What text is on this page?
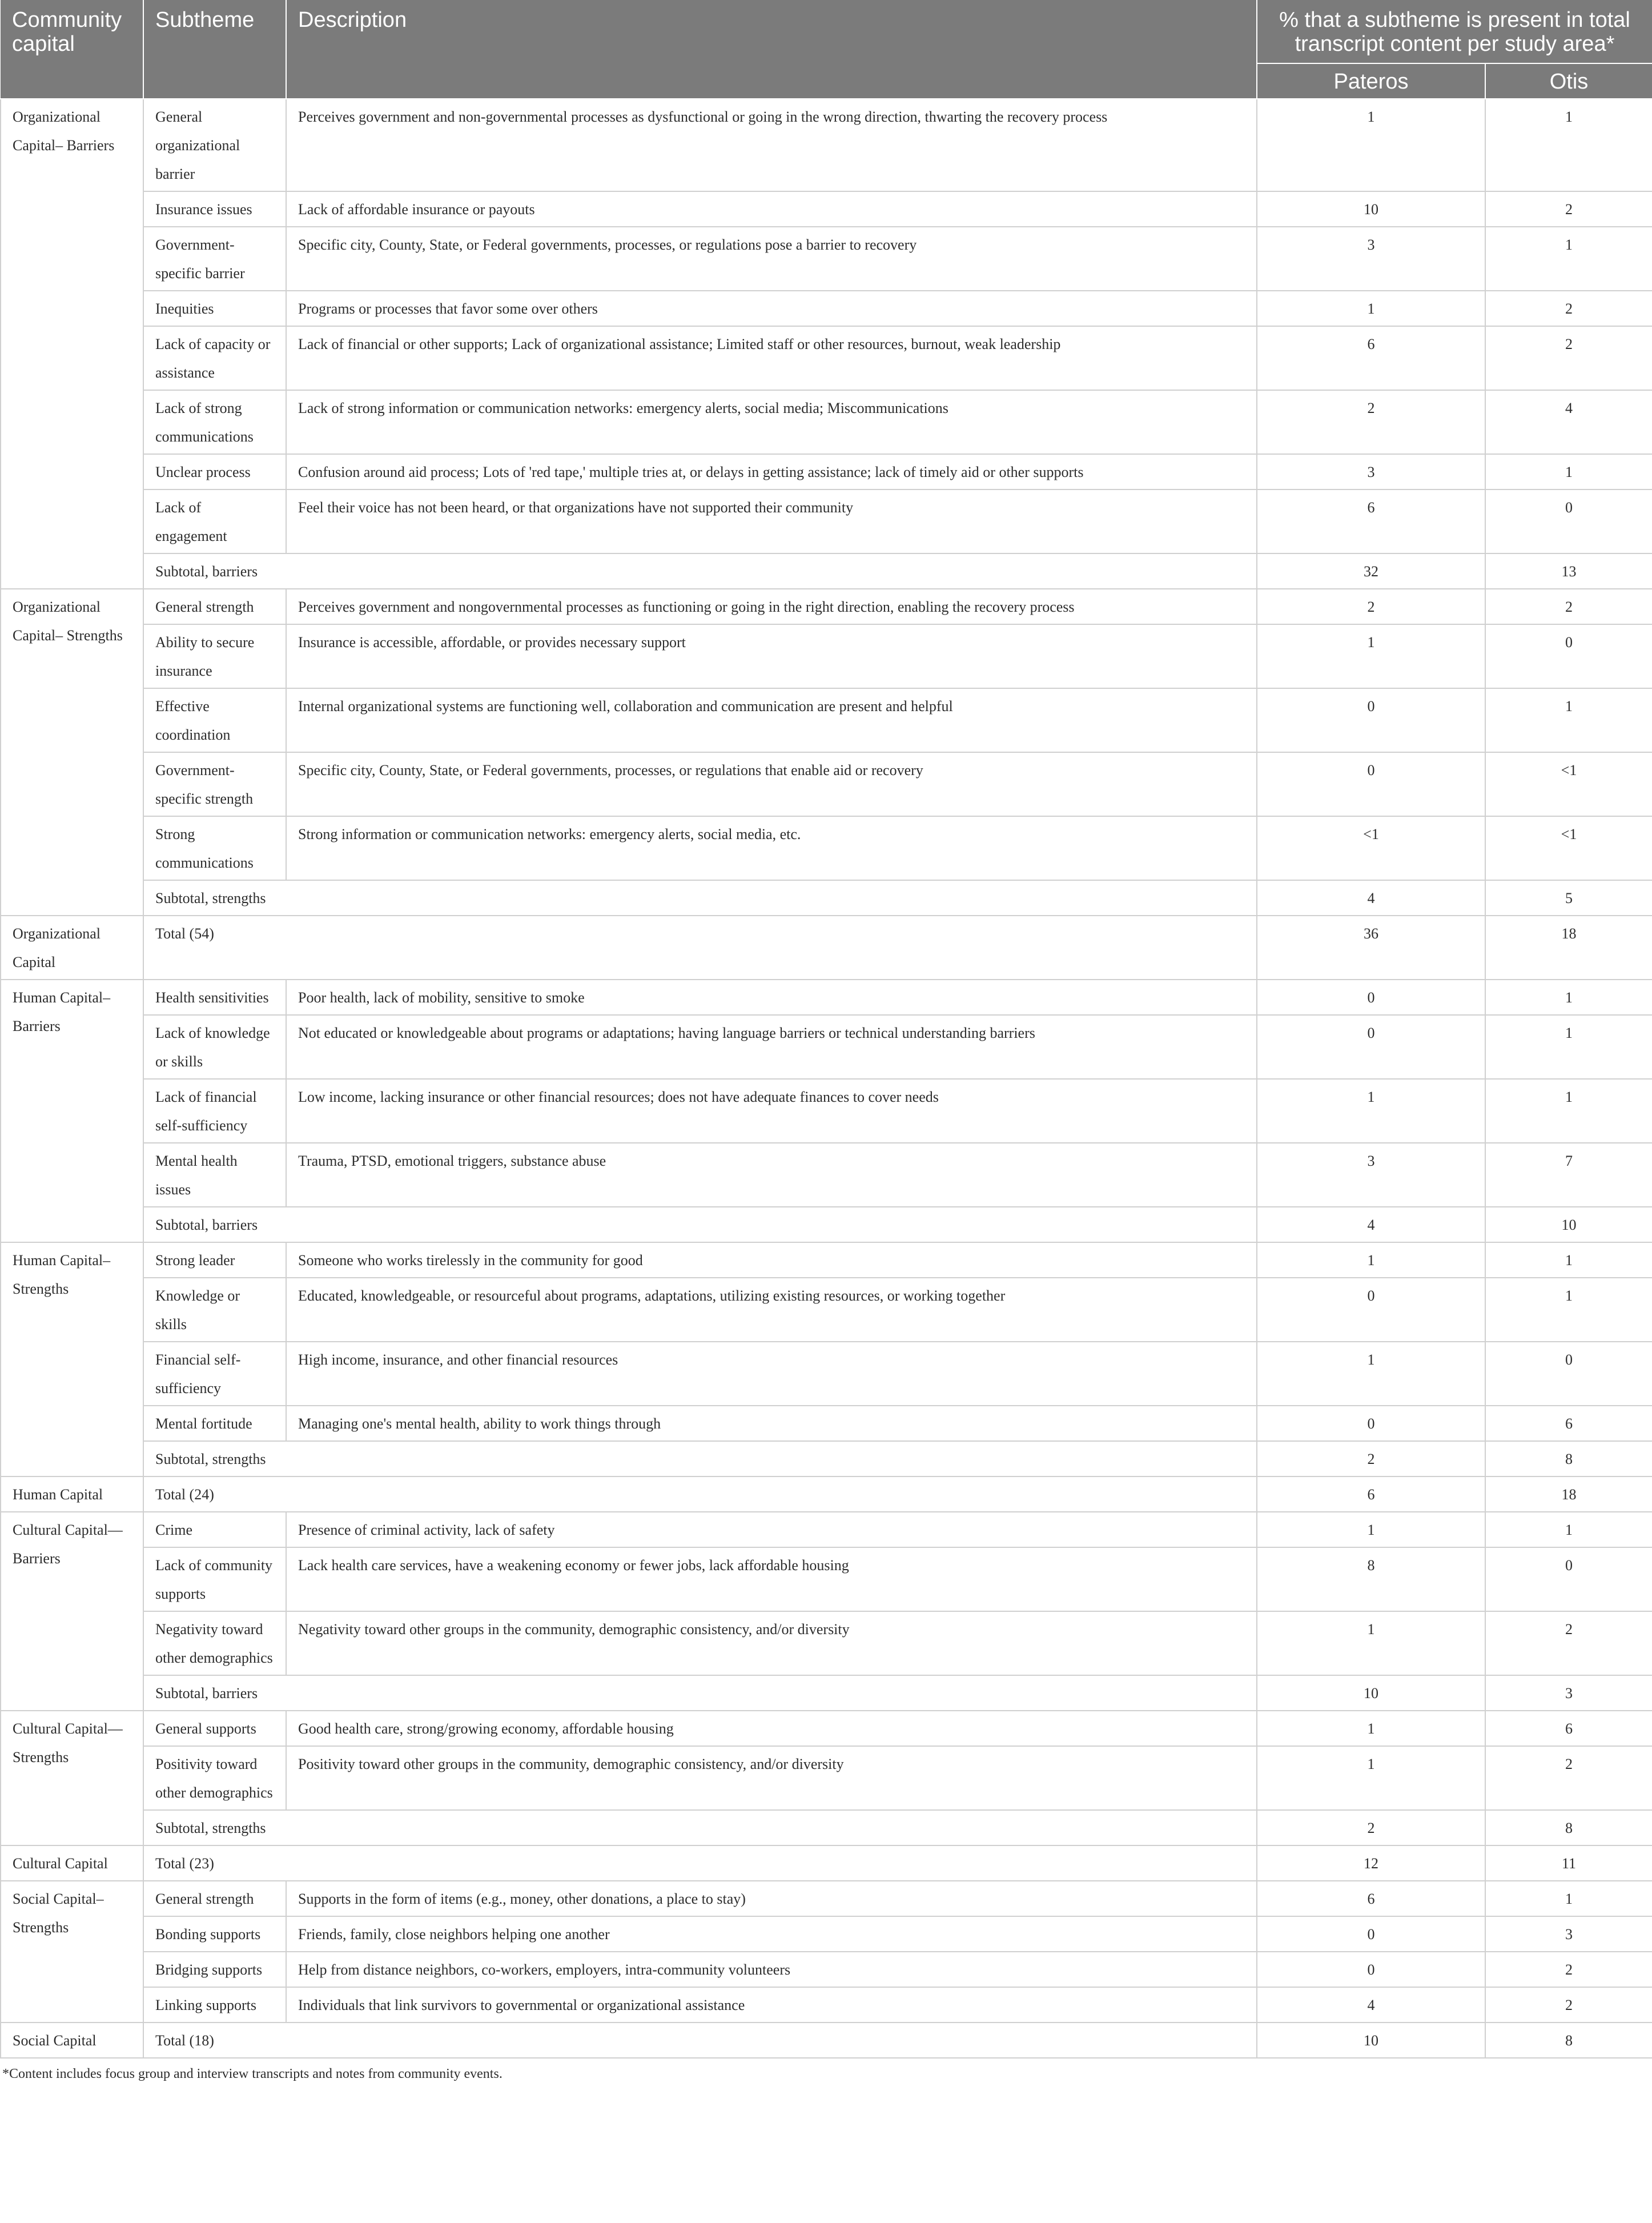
Community capital	Subtheme	Description	% that a subtheme is present in total transcript content per study area*	
			Pateros	Otis
Organizational Capital– Barriers	General organizational barrier	Perceives government and non-governmental processes as dysfunctional or going in the wrong direction, thwarting the recovery process	1	1
	Insurance issues	Lack of affordable insurance or payouts	10	2
	Government-specific barrier	Specific city, County, State, or Federal governments, processes, or regulations pose a barrier to recovery	3	1
	Inequities	Programs or processes that favor some over others	1	2
	Lack of capacity or assistance	Lack of financial or other supports; Lack of organizational assistance; Limited staff or other resources, burnout, weak leadership	6	2
	Lack of strong communications	Lack of strong information or communication networks: emergency alerts, social media; Miscommunications	2	4
	Unclear process	Confusion around aid process; Lots of 'red tape,' multiple tries at, or delays in getting assistance; lack of timely aid or other supports	3	1
	Lack of engagement	Feel their voice has not been heard, or that organizations have not supported their community	6	0
	Subtotal, barriers		32	13
Organizational Capital– Strengths	General strength	Perceives government and nongovernmental processes as functioning or going in the right direction, enabling the recovery process	2	2
	Ability to secure insurance	Insurance is accessible, affordable, or provides necessary support	1	0
	Effective coordination	Internal organizational systems are functioning well, collaboration and communication are present and helpful	0	1
	Government-specific strength	Specific city, County, State, or Federal governments, processes, or regulations that enable aid or recovery	0	<1
	Strong communications	Strong information or communication networks: emergency alerts, social media, etc.	<1	<1
	Subtotal, strengths		4	5
Organizational Capital	Total (54)		36	18
Human Capital– Barriers	Health sensitivities	Poor health, lack of mobility, sensitive to smoke	0	1
	Lack of knowledge or skills	Not educated or knowledgeable about programs or adaptations; having language barriers or technical understanding barriers	0	1
	Lack of financial self-sufficiency	Low income, lacking insurance or other financial resources; does not have adequate finances to cover needs	1	1
	Mental health issues	Trauma, PTSD, emotional triggers, substance abuse	3	7
	Subtotal, barriers		4	10
Human Capital– Strengths	Strong leader	Someone who works tirelessly in the community for good	1	1
	Knowledge or skills	Educated, knowledgeable, or resourceful about programs, adaptations, utilizing existing resources, or working together	0	1
	Financial self-sufficiency	High income, insurance, and other financial resources	1	0
	Mental fortitude	Managing one's mental health, ability to work things through	0	6
	Subtotal, strengths		2	8
Human Capital	Total (24)		6	18
Cultural Capital—Barriers	Crime	Presence of criminal activity, lack of safety	1	1
	Lack of community supports	Lack health care services, have a weakening economy or fewer jobs, lack affordable housing	8	0
	Negativity toward other demographics	Negativity toward other groups in the community, demographic consistency, and/or diversity	1	2
	Subtotal, barriers		10	3
Cultural Capital— Strengths	General supports	Good health care, strong/growing economy, affordable housing	1	6
	Positivity toward other demographics	Positivity toward other groups in the community, demographic consistency, and/or diversity	1	2
	Subtotal, strengths		2	8
Cultural Capital	Total (23)		12	11
Social Capital– Strengths	General strength	Supports in the form of items (e.g., money, other donations, a place to stay)	6	1
	Bonding supports	Friends, family, close neighbors helping one another	0	3
	Bridging supports	Help from distance neighbors, co-workers, employers, intra-community volunteers	0	2
	Linking supports	Individuals that link survivors to governmental or organizational assistance	4	2
Social Capital	Total (18)		10	8
*Content includes focus group and interview transcripts and notes from community events.
